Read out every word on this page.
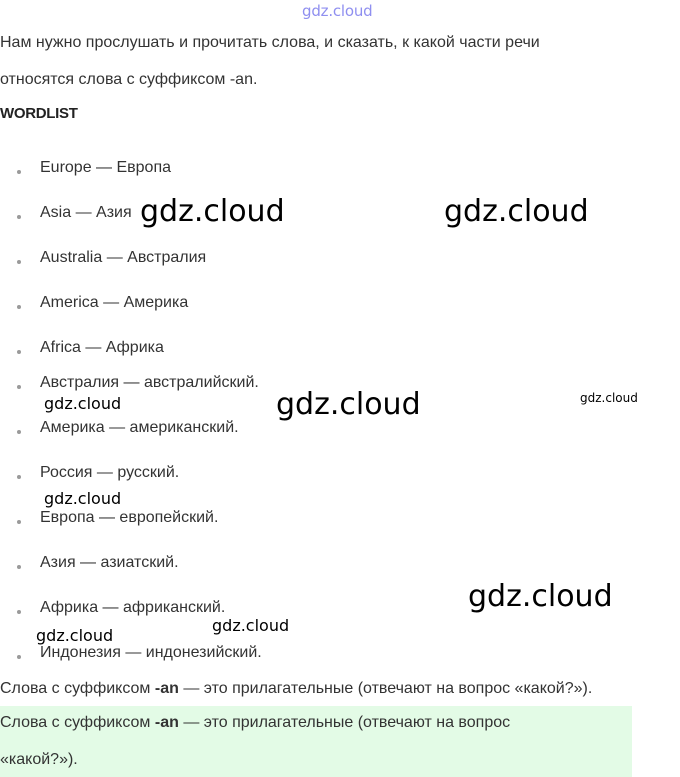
gdz.cloud
Нам нужно прослушать и прочитать слова, и сказать, к какой части речи
относятся слова с суффиксом -an.
WORDLIST
Europe — Европа
Asia — Азия
Australia — Австралия
America — Америка
Africa — Африка
Австралия — австралийский.
Америка — американский.
Россия — русский.
Европа — европейский.
Азия — азиатский.
Африка — африканский.
Индонезия — индонезийский.
Слова с суффиксом -an — это прилагательные (отвечают на вопрос «какой?»).
Слова с суффиксом -an — это прилагательные (отвечают на вопрос
«какой?»).
gdz.cloud	gdz.cloud
gdz.cloud
gdz.cloud	gdz.cloud
gdz.cloud
gdz.cloud
gdz.cloud
gdz.cloud
